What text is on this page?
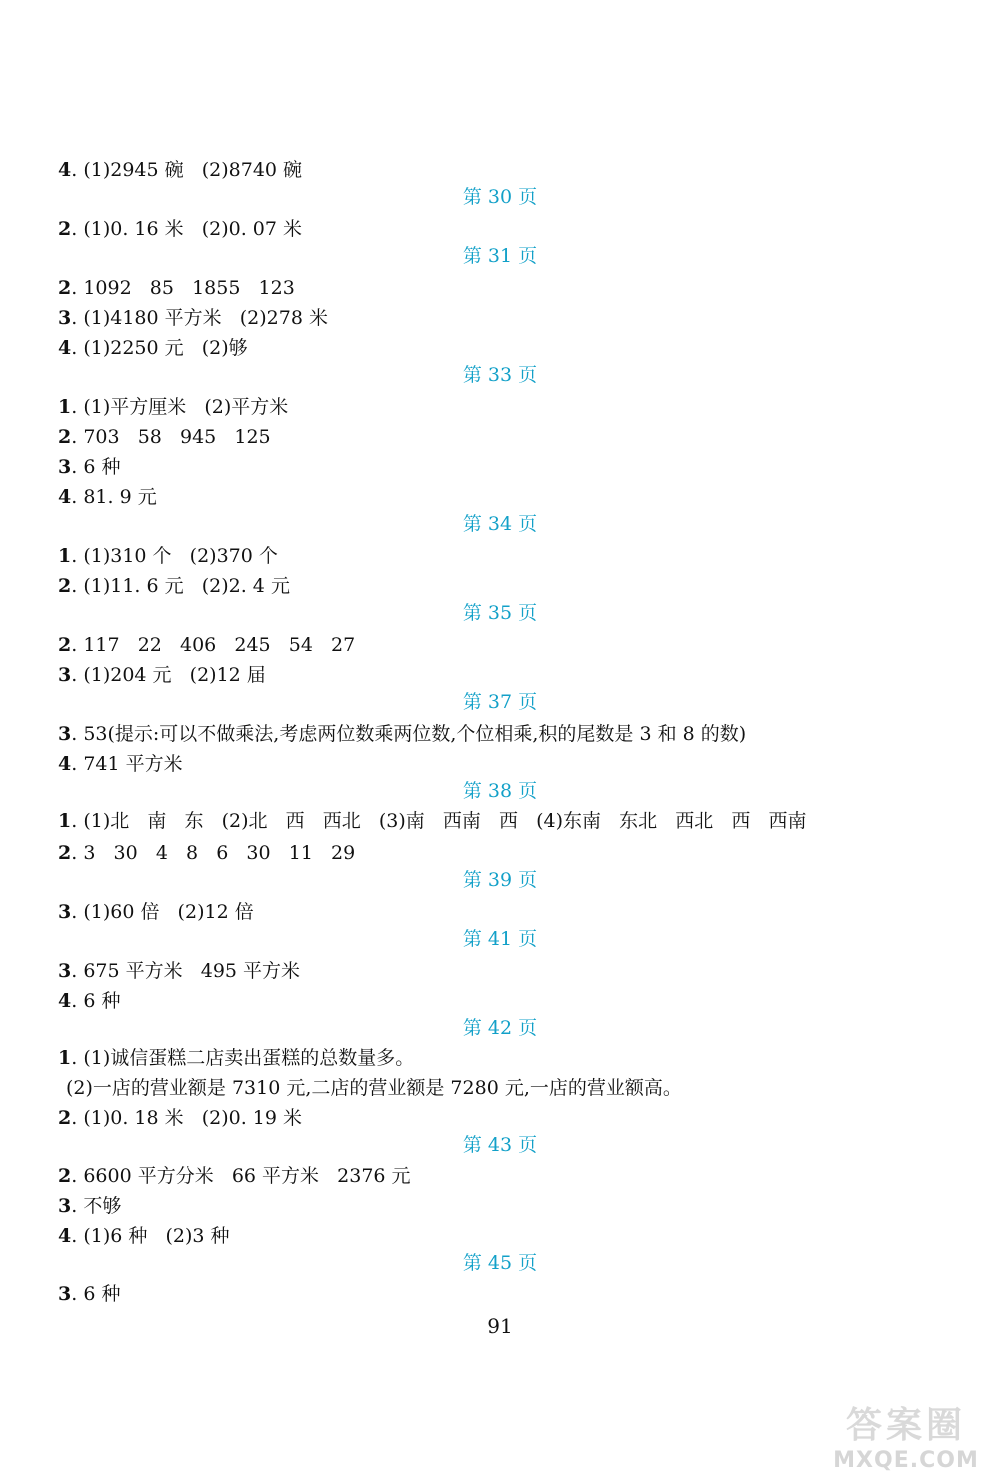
4. (1)2945 碗   (2)8740 碗
第 30 页
2. (1)0. 16 米   (2)0. 07 米
第 31 页
2. 1092   85   1855   123
3. (1)4180 平方米   (2)278 米
4. (1)2250 元   (2)够
第 33 页
1. (1)平方厘米   (2)平方米
2. 703   58   945   125
3. 6 种
4. 81. 9 元
第 34 页
1. (1)310 个   (2)370 个
2. (1)11. 6 元   (2)2. 4 元
第 35 页
2. 117   22   406   245   54   27
3. (1)204 元   (2)12 届
第 37 页
3. 53(提示:可以不做乘法,考虑两位数乘两位数,个位相乘,积的尾数是 3 和 8 的数)
4. 741 平方米
第 38 页
1. (1)北   南   东   (2)北   西   西北   (3)南   西南   西   (4)东南   东北   西北   西   西南
2. 3   30   4   8   6   30   11   29
第 39 页
3. (1)60 倍   (2)12 倍
第 41 页
3. 675 平方米   495 平方米
4. 6 种
第 42 页
1. (1)诚信蛋糕二店卖出蛋糕的总数量多。
(2)一店的营业额是 7310 元,二店的营业额是 7280 元,一店的营业额高。
2. (1)0. 18 米   (2)0. 19 米
第 43 页
2. 6600 平方分米   66 平方米   2376 元
3. 不够
4. (1)6 种   (2)3 种
第 45 页
3. 6 种
91
答案圈
MXQE.COM
